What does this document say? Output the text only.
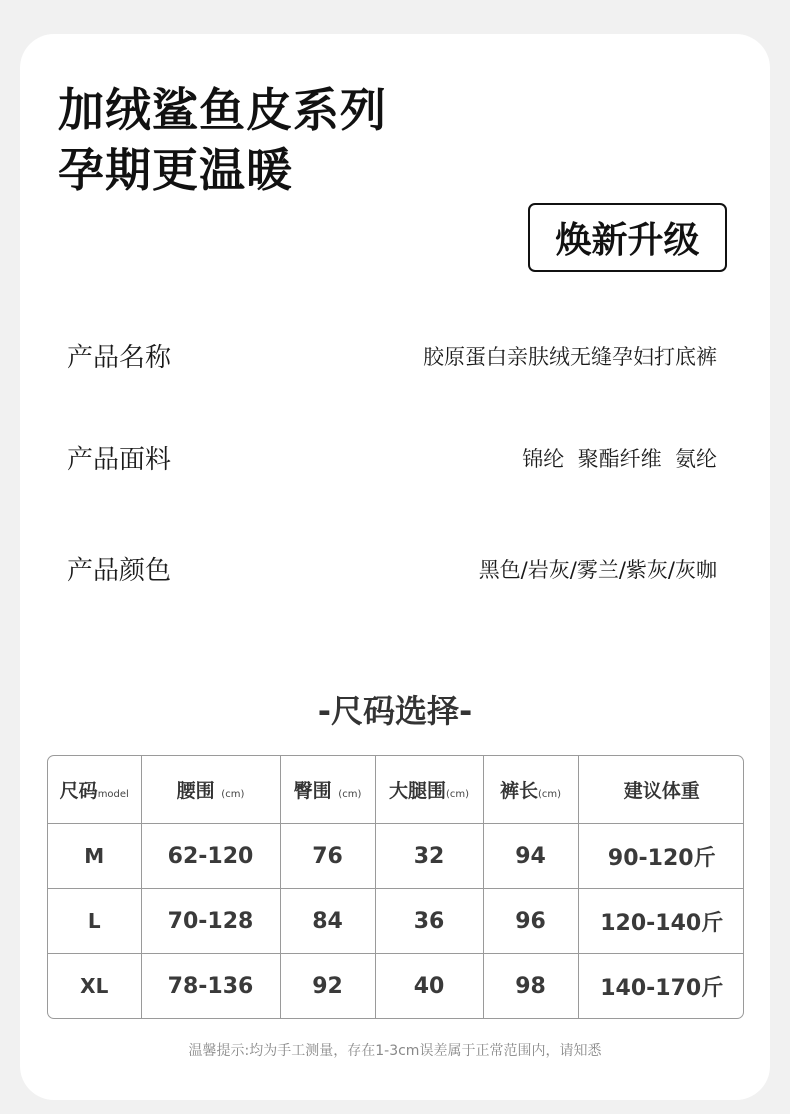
加绒鲨鱼皮系列
孕期更温暖
焕新升级
产品名称	胶原蛋白亲肤绒无缝孕妇打底裤
产品面料	锦纶  聚酯纤维  氨纶
产品颜色	黑色/岩灰/雾兰/紫灰/灰咖
-尺码选择-
尺码model	腰围 (cm)	臀围 (cm)	大腿围(cm)	裤长(cm)	建议体重
M	62-120	76	32	94	90-120斤
L	70-128	84	36	96	120-140斤
XL	78-136	92	40	98	140-170斤
温馨提示:均为手工测量，存在1-3cm误差属于正常范围内，请知悉
